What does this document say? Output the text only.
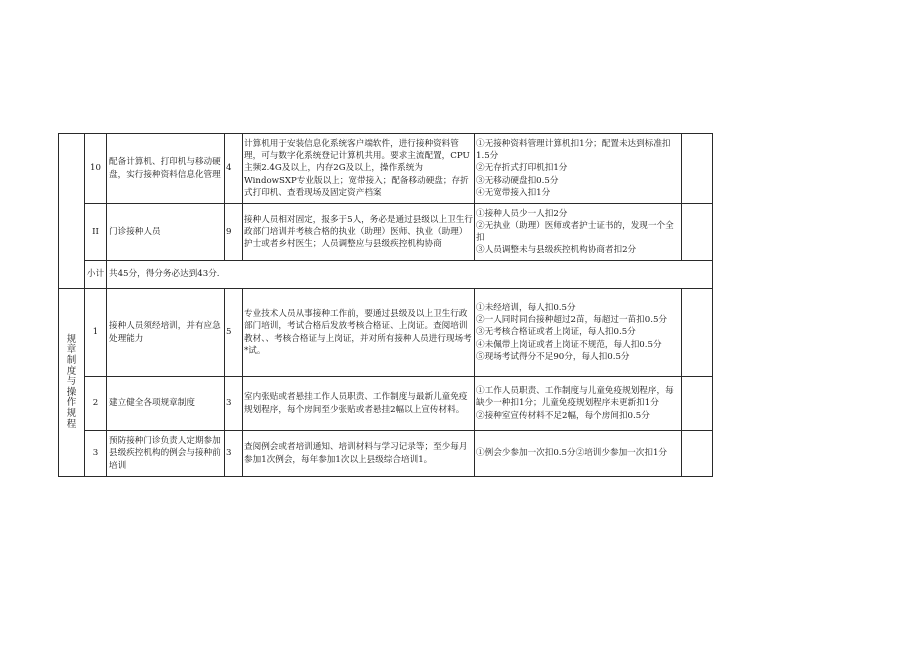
	10	配备计算机、打印机与移动硬盘，实行接种资料信息化管理	4	计算机用于安装信息化系统客户端软件，进行接种资料管理，可与数字化系统登记计算机共用。要求主流配置，CPU主频2.4G及以上，内存2G及以上，操作系统为WindowSXP专业版以上；宽带接入；配备移动硬盘；存折式打印机、查看现场及固定资产档案	①无接种资料管理计算机扣1分；配置未达到标准扣1.5分
②无存折式打印机扣1分
③无移动硬盘扣0.5分
④无宽带接入扣1分	

	II	门诊接种人员	9	接种人员相对固定，报多于5人，务必是通过县级以上卫生行政部门培训并考核合格的执业（助理）医师、执业（助理）护士或者乡村医生；人员调整应与县级疾控机构协商	①接种人员少一人扣2分
②无执业（助理）医师或者护士证书的，发现一个全扣
③人员调整未与县级疾控机构协商者扣2分	

	小计	共45分，得分务必达到43分.				

规章制度与操作规程	1	接种人员须经培训，并有应急处理能力	5	专业技术人员从事接种工作前，要通过县级及以上卫生行政部门培训，考试合格后发放考核合格证、上岗证。查阅培训教材、、考核合格证与上岗证，并对所有接种人员进行现场考*试。	①未经培训，每人扣0.5分
②一人同时同台接种超过2苗，每超过一苗扣0.5分
③无考核合格证或者上岗证，每人扣0.5分
④未佩带上岗证或者上岗证不规范，每人扣0.5分
⑤现场考试得分不足90分，每人扣0.5分	

	2	建立健全各项规章制度	3	室内张贴或者悬挂工作人员职责、工作制度与最新儿童免疫规划程序，每个房间至少张贴或者悬挂2幅以上宣传材料。	①工作人员职责、工作制度与儿童免疫规划程序，每缺少一种扣1分；儿童免疫规划程序未更新扣1分
②接种室宣传材料不足2幅，每个房间扣0.5分	

	3	预防接种门诊负责人定期参加县级疾控机构的例会与接种前培训	3	查阅例会或者培训通知、培训材料与学习记录等；至少每月参加1次例会，每年参加1次以上县级综合培训1。	①例会少参加一次扣0.5分②培训少参加一次扣1分	
